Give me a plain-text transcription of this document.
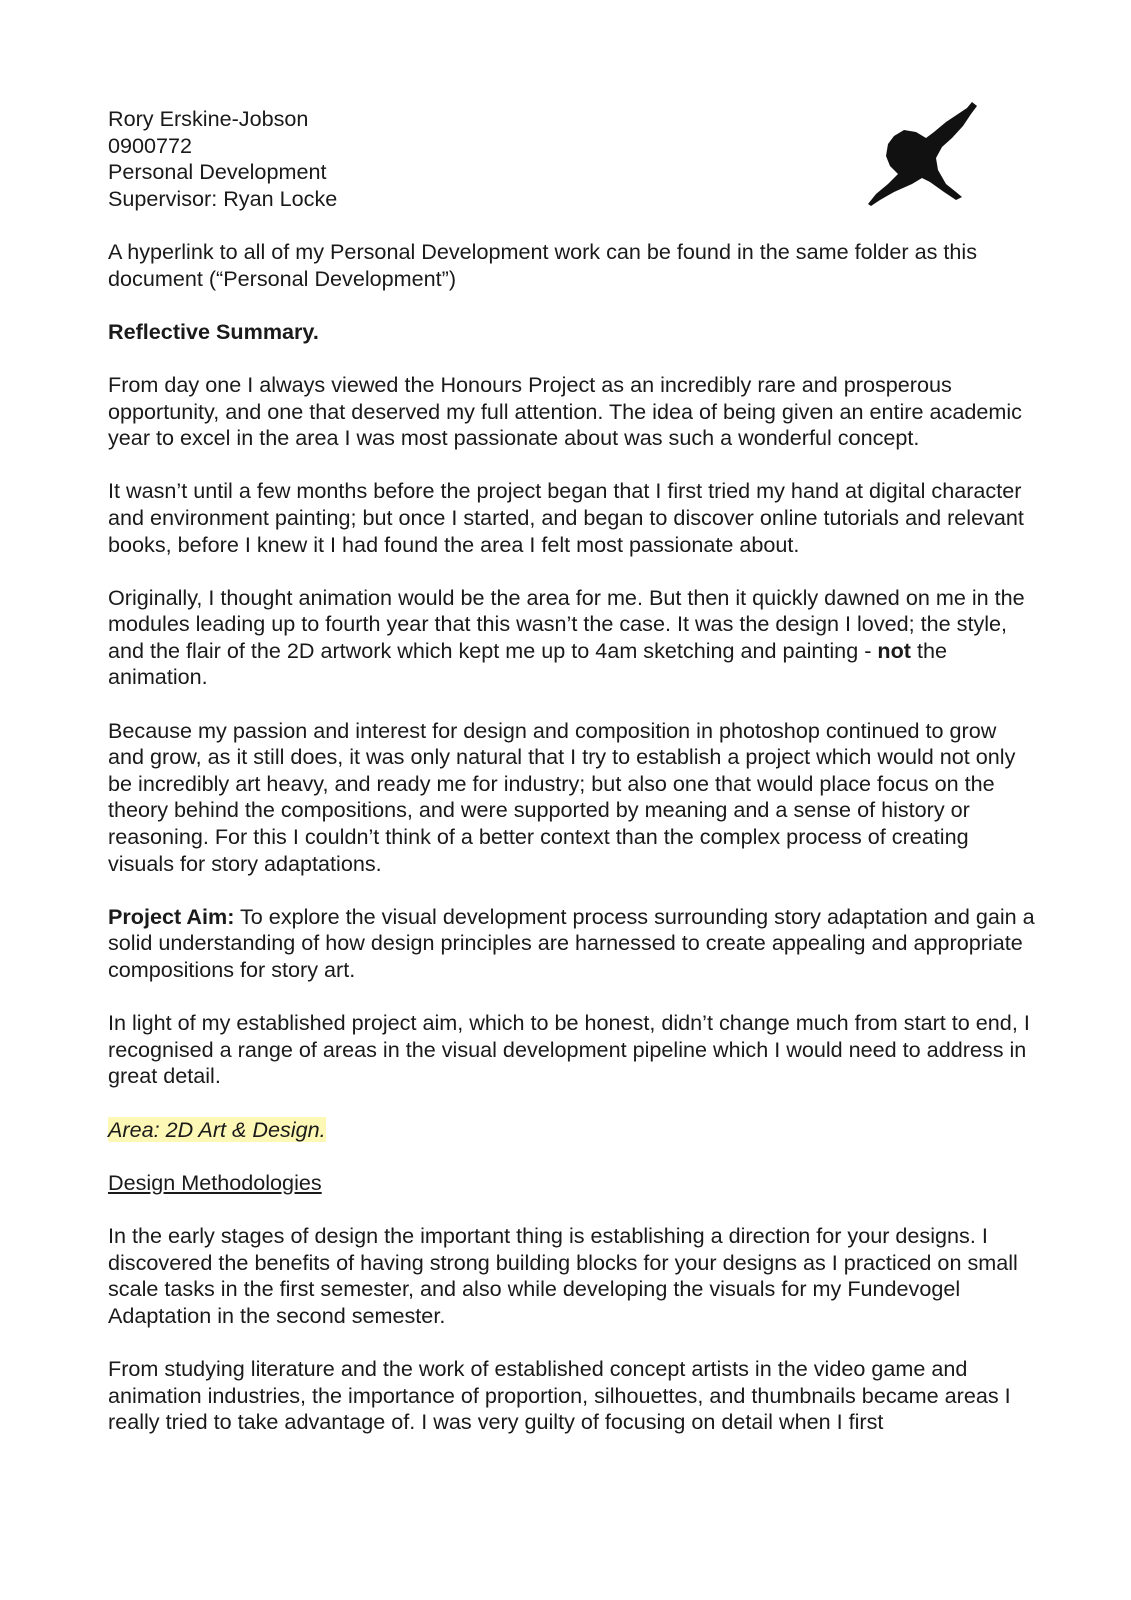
Rory Erskine-Jobson

0900772

Personal Development

Supervisor: Ryan Locke

A hyperlink to all of my Personal Development work can be found in the same folder as this document (“Personal Development”)

Reflective Summary.

From day one I always viewed the Honours Project as an incredibly rare and prosperous opportunity, and one that deserved my full attention. The idea of being given an entire academic year to excel in the area I was most passionate about was such a wonderful concept.

It wasn’t until a few months before the project began that I first tried my hand at digital character and environment painting; but once I started, and began to discover online tutorials and relevant books, before I knew it I had found the area I felt most passionate about.

Originally, I thought animation would be the area for me. But then it quickly dawned on me in the modules leading up to fourth year that this wasn’t the case. It was the design I loved; the style, and the flair of the 2D artwork which kept me up to 4am sketching and painting - not the animation.

Because my passion and interest for design and composition in photoshop continued to grow and grow, as it still does, it was only natural that I try to establish a project which would not only be incredibly art heavy, and ready me for industry; but also one that would place focus on the theory behind the compositions, and were supported by meaning and a sense of history or reasoning. For this I couldn’t think of a better context than the complex process of creating visuals for story adaptations.

Project Aim: To explore the visual development process surrounding story adaptation and gain a solid understanding of how design principles are harnessed to create appealing and appropriate compositions for story art.

In light of my established project aim, which to be honest, didn’t change much from start to end, I recognised a range of areas in the visual development pipeline which I would need to address in great detail.

Area: 2D Art & Design.

Design Methodologies

In the early stages of design the important thing is establishing a direction for your designs. I discovered the benefits of having strong building blocks for your designs as I practiced on small scale tasks in the first semester, and also while developing the visuals for my Fundevogel Adaptation in the second semester.

From studying literature and the work of established concept artists in the video game and animation industries, the importance of proportion, silhouettes, and thumbnails became areas I really tried to take advantage of. I was very guilty of focusing on detail when I first
